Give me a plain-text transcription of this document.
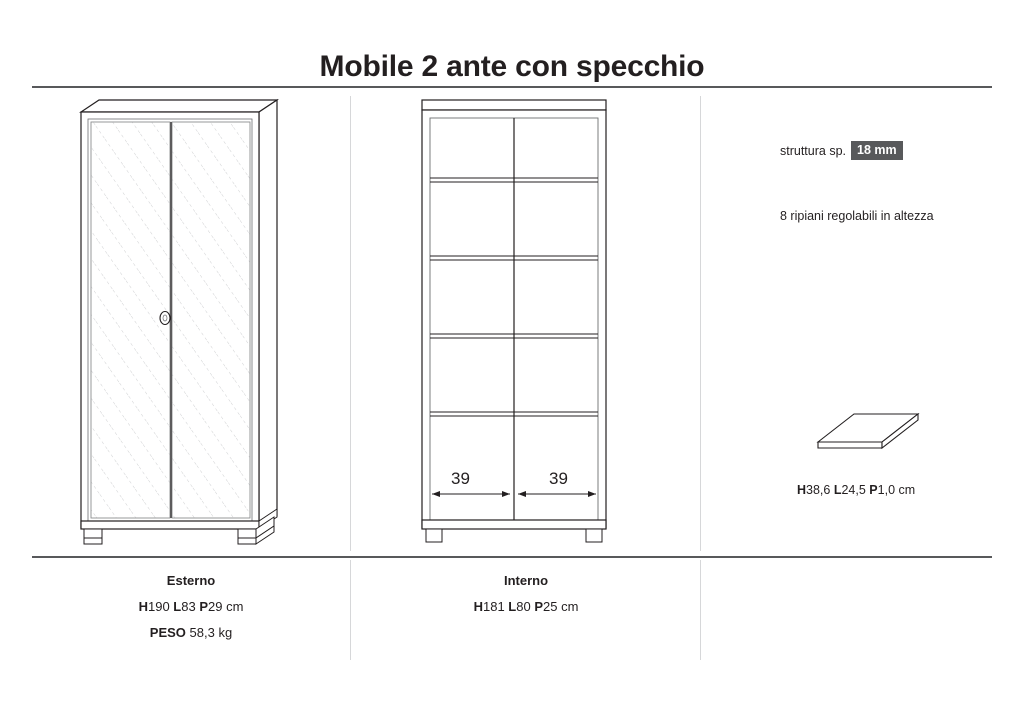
Mobile 2 ante con specchio
39	39
struttura sp. 18 mm
8 ripiani regolabili in altezza
H38,6 L24,5 P1,0 cm
Esterno
H190 L83 P29 cm
PESO 58,3 kg
Interno
H181 L80 P25 cm
